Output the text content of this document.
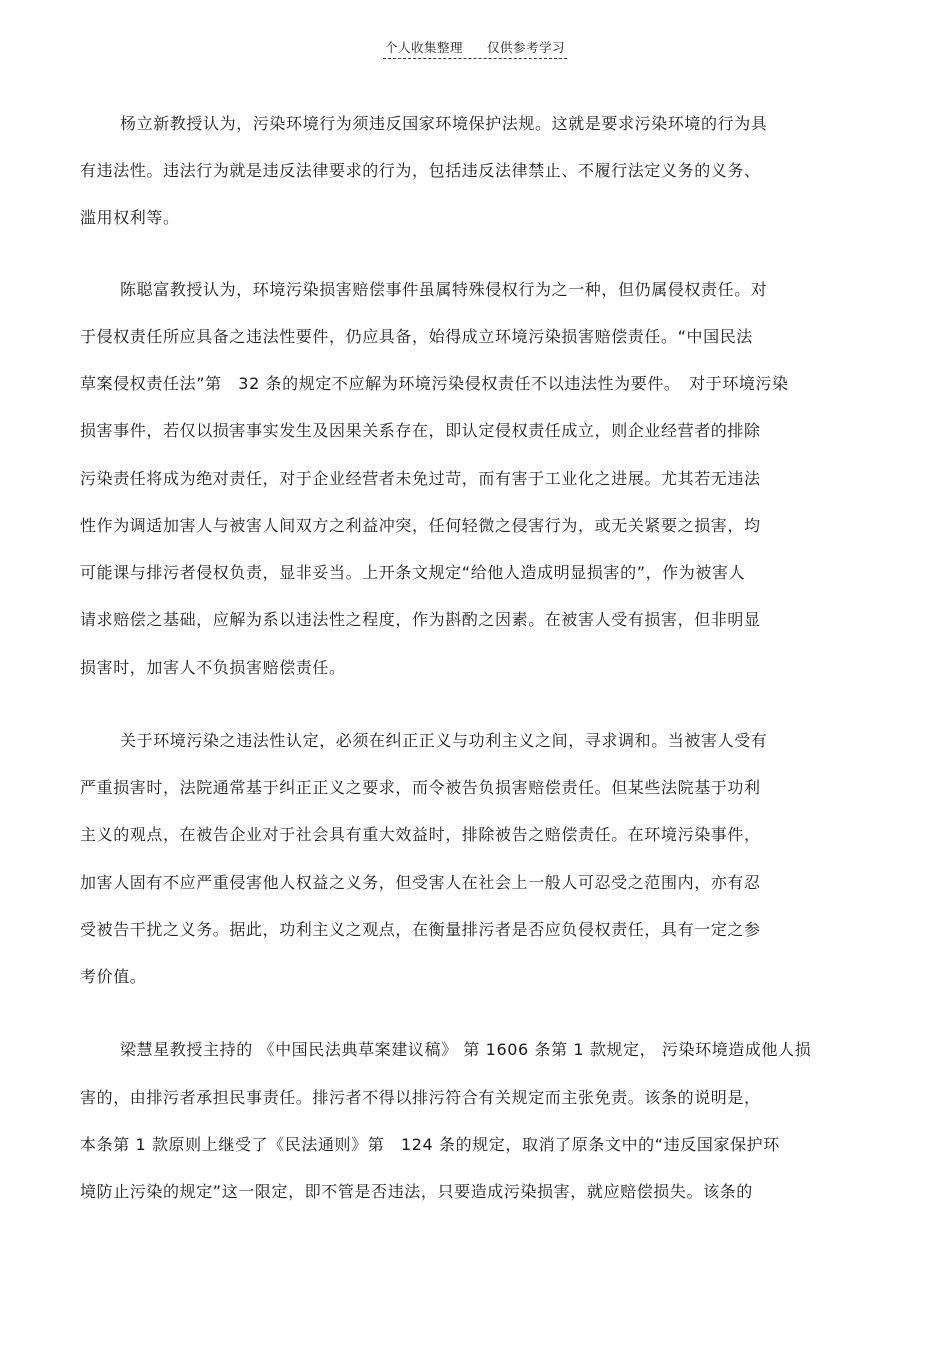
个人收集整理 仅供参考学习
杨立新教授认为，污染环境行为须违反国家环境保护法规。这就是要求污染环境的行为具
有违法性。违法行为就是违反法律要求的行为，包括违反法律禁止、不履行法定义务的义务、
滥用权利等。
陈聪富教授认为，环境污染损害赔偿事件虽属特殊侵权行为之一种，但仍属侵权责任。对
于侵权责任所应具备之违法性要件，仍应具备，始得成立环境污染损害赔偿责任。“中国民法
草案侵权责任法”第　32 条的规定不应解为环境污染侵权责任不以违法性为要件。　对于环境污染
损害事件，若仅以损害事实发生及因果关系存在，即认定侵权责任成立，则企业经营者的排除
污染责任将成为绝对责任，对于企业经营者未免过苛，而有害于工业化之进展。尤其若无违法
性作为调适加害人与被害人间双方之利益冲突，任何轻微之侵害行为，或无关紧要之损害，均
可能课与排污者侵权负责，显非妥当。上开条文规定“给他人造成明显损害的”，作为被害人
请求赔偿之基础，应解为系以违法性之程度，作为斟酌之因素。在被害人受有损害，但非明显
损害时，加害人不负损害赔偿责任。
关于环境污染之违法性认定，必须在纠正正义与功利主义之间，寻求调和。当被害人受有
严重损害时，法院通常基于纠正正义之要求，而令被告负损害赔偿责任。但某些法院基于功利
主义的观点，在被告企业对于社会具有重大效益时，排除被告之赔偿责任。在环境污染事件，
加害人固有不应严重侵害他人权益之义务，但受害人在社会上一般人可忍受之范围内，亦有忍
受被告干扰之义务。据此，功利主义之观点，在衡量排污者是否应负侵权责任，具有一定之参
考价值。
梁慧星教授主持的 《中国民法典草案建议稿》 第 1606 条第 1 款规定， 污染环境造成他人损
害的，由排污者承担民事责任。排污者不得以排污符合有关规定而主张免责。该条的说明是，
本条第 1 款原则上继受了《民法通则》第　124 条的规定，取消了原条文中的“违反国家保护环
境防止污染的规定”这一限定，即不管是否违法，只要造成污染损害，就应赔偿损失。该条的
